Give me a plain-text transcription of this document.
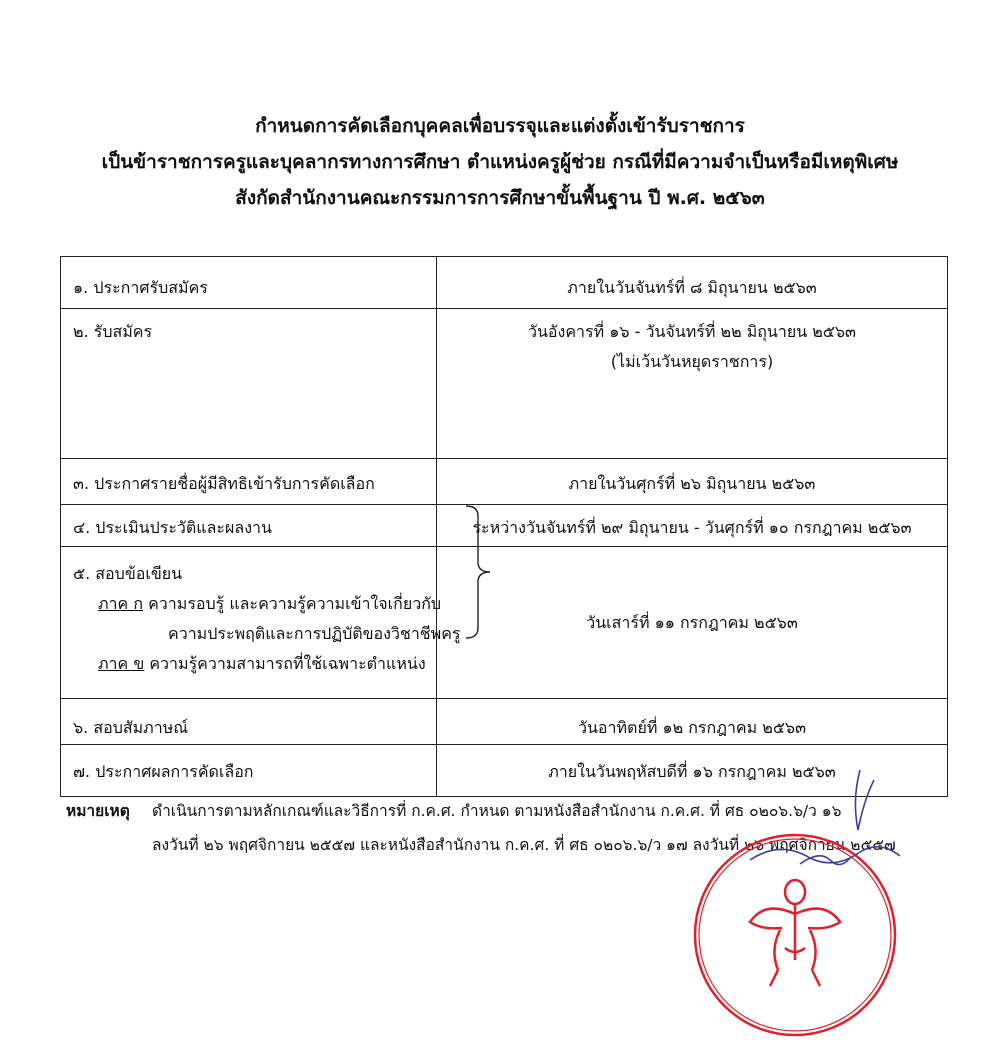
กำหนดการคัดเลือกบุคคลเพื่อบรรจุและแต่งตั้งเข้ารับราชการ
เป็นข้าราชการครูและบุคลากรทางการศึกษา ตำแหน่งครูผู้ช่วย กรณีที่มีความจำเป็นหรือมีเหตุพิเศษ
สังกัดสำนักงานคณะกรรมการการศึกษาขั้นพื้นฐาน ปี พ.ศ. ๒๕๖๓
๑. ประกาศรับสมัคร	ภายในวันจันทร์ที่ ๘ มิถุนายน ๒๕๖๓
๒. รับสมัคร	วันอังคารที่ ๑๖ - วันจันทร์ที่ ๒๒ มิถุนายน ๒๕๖๓
(ไม่เว้นวันหยุดราชการ)

๓. ประกาศรายชื่อผู้มีสิทธิเข้ารับการคัดเลือก	ภายในวันศุกร์ที่ ๒๖ มิถุนายน ๒๕๖๓
๔. ประเมินประวัติและผลงาน	ระหว่างวันจันทร์ที่ ๒๙ มิถุนายน - วันศุกร์ที่ ๑๐ กรกฎาคม ๒๕๖๓

๕. สอบข้อเขียน
ภาค ก ความรอบรู้ และความรู้ความเข้าใจเกี่ยวกับ
ความประพฤติและการปฏิบัติของวิชาชีพครู
ภาค ข ความรู้ความสามารถที่ใช้เฉพาะตำแหน่ง	วันเสาร์ที่ ๑๑ กรกฎาคม ๒๕๖๓
๖. สอบสัมภาษณ์	วันอาทิตย์ที่ ๑๒ กรกฎาคม ๒๕๖๓
๗. ประกาศผลการคัดเลือก	ภายในวันพฤหัสบดีที่ ๑๖ กรกฎาคม ๒๕๖๓
หมายเหตุ ดำเนินการตามหลักเกณฑ์และวิธีการที่ ก.ค.ศ. กำหนด ตามหนังสือสำนักงาน ก.ค.ศ. ที่ ศธ ๐๒๐๖.๖/ว ๑๖
ลงวันที่ ๒๖ พฤศจิกายน ๒๕๕๗ และหนังสือสำนักงาน ก.ค.ศ. ที่ ศธ ๐๒๐๖.๖/ว ๑๗ ลงวันที่ ๒๖ พฤศจิกายน ๒๕๕๗
